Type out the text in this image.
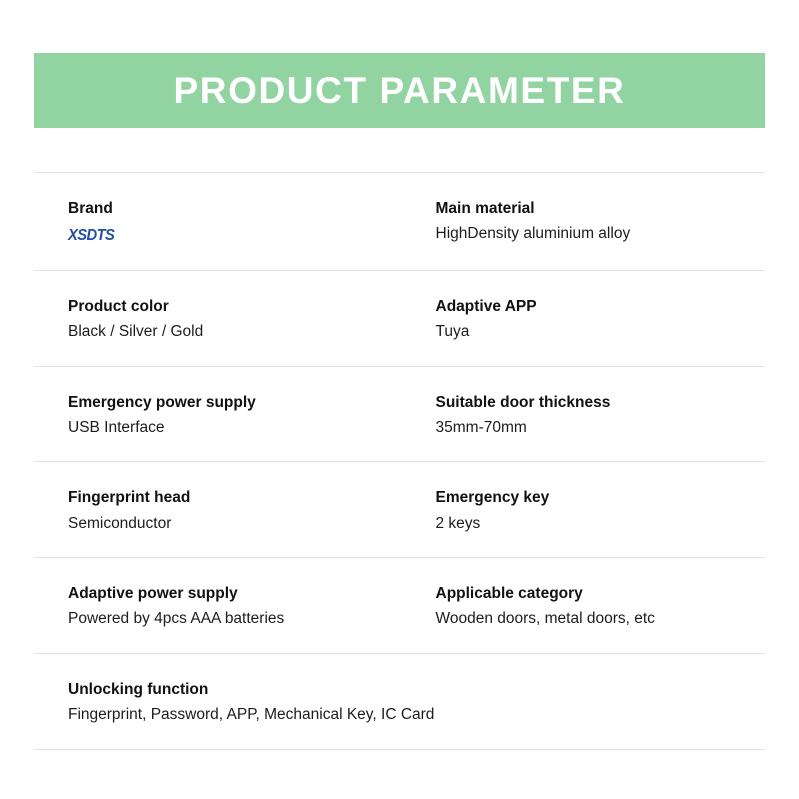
PRODUCT PARAMETER
Brand
XSDTS
Main material
HighDensity aluminium alloy
Product color
Black / Silver / Gold
Adaptive APP
Tuya
Emergency power supply
USB Interface
Suitable door thickness
35mm-70mm
Fingerprint head
Semiconductor
Emergency key
2 keys
Adaptive power supply
Powered by 4pcs AAA batteries
Applicable category
Wooden doors, metal doors, etc
Unlocking function
Fingerprint, Password, APP, Mechanical Key, IC Card
